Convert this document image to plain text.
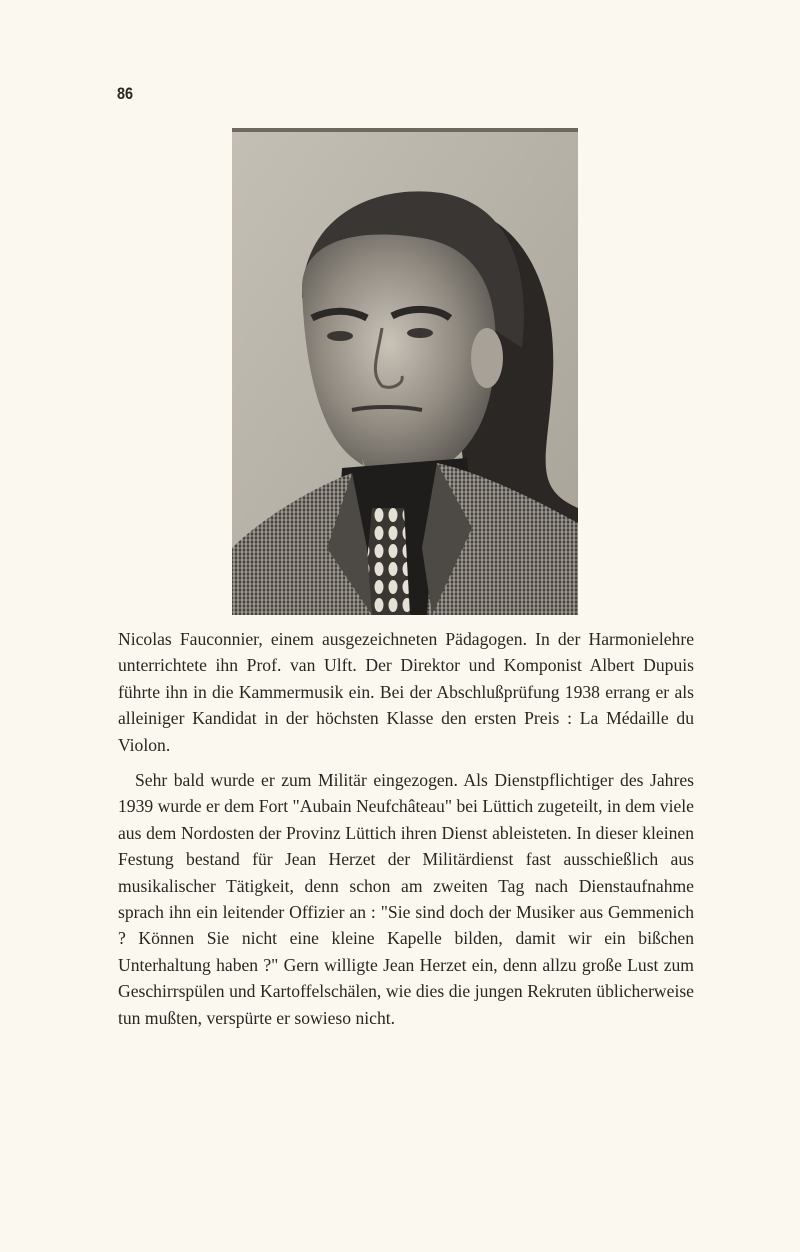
86

Nicolas Fauconnier, einem ausgezeichneten Pädagogen. In der Harmonielehre unterrichtete ihn Prof. van Ulft. Der Direktor und Komponist Albert Dupuis führte ihn in die Kammermusik ein. Bei der Abschlußprüfung 1938 errang er als alleiniger Kandidat in der höchsten Klasse den ersten Preis : La Médaille du Violon.

Sehr bald wurde er zum Militär eingezogen. Als Dienstpflichtiger des Jahres 1939 wurde er dem Fort "Aubain Neufchâteau" bei Lüttich zugeteilt, in dem viele aus dem Nordosten der Provinz Lüttich ihren Dienst ableisteten. In dieser kleinen Festung bestand für Jean Herzet der Militärdienst fast ausschießlich aus musikalischer Tätigkeit, denn schon am zweiten Tag nach Dienstaufnahme sprach ihn ein leitender Offizier an : "Sie sind doch der Musiker aus Gemmenich ? Können Sie nicht eine kleine Kapelle bilden, damit wir ein bißchen Unterhaltung haben ?" Gern willigte Jean Herzet ein, denn allzu große Lust zum Geschirrspülen und Kartoffelschälen, wie dies die jungen Rekruten üblicherweise tun mußten, verspürte er sowieso nicht.
